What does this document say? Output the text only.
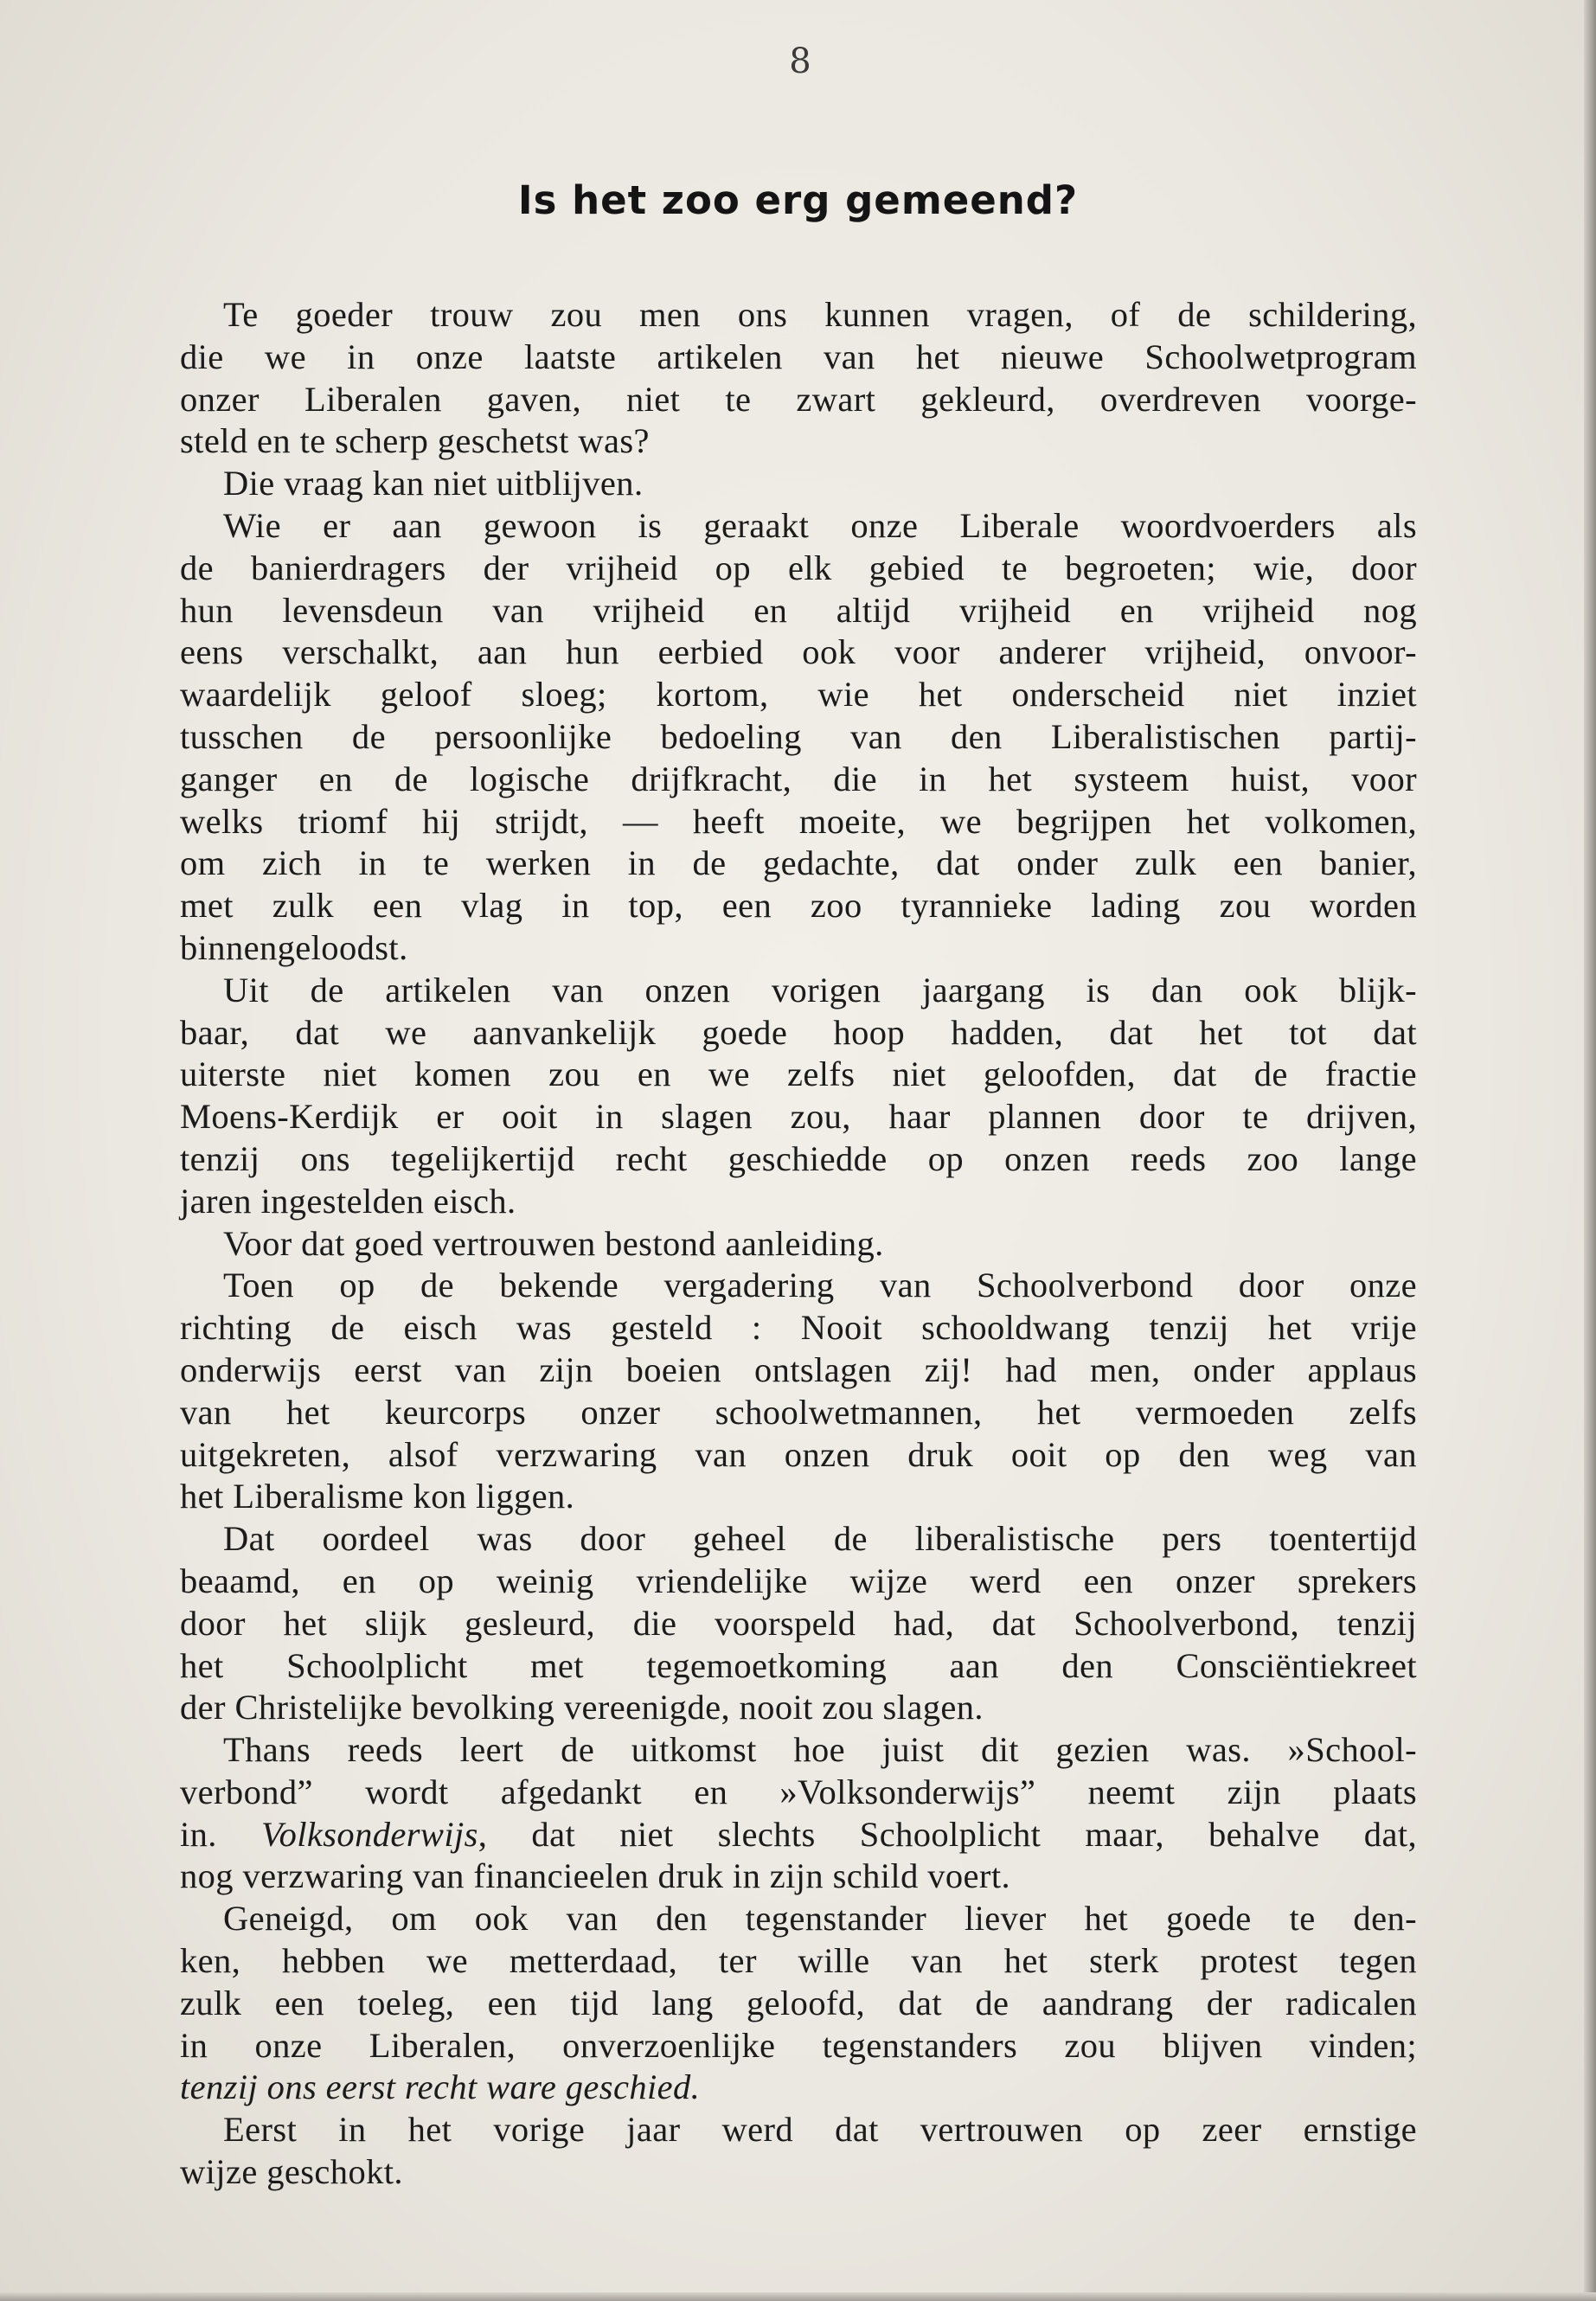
8
Is het zoo erg gemeend?
Te goeder trouw zou men ons kunnen vragen, of de schildering,
die we in onze laatste artikelen van het nieuwe Schoolwetprogram
onzer Liberalen gaven, niet te zwart gekleurd, overdreven voorge-
steld en te scherp geschetst was?
Die vraag kan niet uitblijven.
Wie er aan gewoon is geraakt onze Liberale woordvoerders als
de banierdragers der vrijheid op elk gebied te begroeten; wie, door
hun levensdeun van vrijheid en altijd vrijheid en vrijheid nog
eens verschalkt, aan hun eerbied ook voor anderer vrijheid, onvoor-
waardelijk geloof sloeg; kortom, wie het onderscheid niet inziet
tusschen de persoonlijke bedoeling van den Liberalistischen partij-
ganger en de logische drijfkracht, die in het systeem huist, voor
welks triomf hij strijdt, — heeft moeite, we begrijpen het volkomen,
om zich in te werken in de gedachte, dat onder zulk een banier,
met zulk een vlag in top, een zoo tyrannieke lading zou worden
binnengeloodst.
Uit de artikelen van onzen vorigen jaargang is dan ook blijk-
baar, dat we aanvankelijk goede hoop hadden, dat het tot dat
uiterste niet komen zou en we zelfs niet geloofden, dat de fractie
Moens-Kerdijk er ooit in slagen zou, haar plannen door te drijven,
tenzij ons tegelijkertijd recht geschiedde op onzen reeds zoo lange
jaren ingestelden eisch.
Voor dat goed vertrouwen bestond aanleiding.
Toen op de bekende vergadering van Schoolverbond door onze
richting de eisch was gesteld : Nooit schooldwang tenzij het vrije
onderwijs eerst van zijn boeien ontslagen zij! had men, onder applaus
van het keurcorps onzer schoolwetmannen, het vermoeden zelfs
uitgekreten, alsof verzwaring van onzen druk ooit op den weg van
het Liberalisme kon liggen.
Dat oordeel was door geheel de liberalistische pers toentertijd
beaamd, en op weinig vriendelijke wijze werd een onzer sprekers
door het slijk gesleurd, die voorspeld had, dat Schoolverbond, tenzij
het Schoolplicht met tegemoetkoming aan den Consciëntiekreet
der Christelijke bevolking vereenigde, nooit zou slagen.
Thans reeds leert de uitkomst hoe juist dit gezien was. »School-
verbond” wordt afgedankt en »Volksonderwijs” neemt zijn plaats
in. Volksonderwijs, dat niet slechts Schoolplicht maar, behalve dat,
nog verzwaring van financieelen druk in zijn schild voert.
Geneigd, om ook van den tegenstander liever het goede te den-
ken, hebben we metterdaad, ter wille van het sterk protest tegen
zulk een toeleg, een tijd lang geloofd, dat de aandrang der radicalen
in onze Liberalen, onverzoenlijke tegenstanders zou blijven vinden;
tenzij ons eerst recht ware geschied.
Eerst in het vorige jaar werd dat vertrouwen op zeer ernstige
wijze geschokt.
